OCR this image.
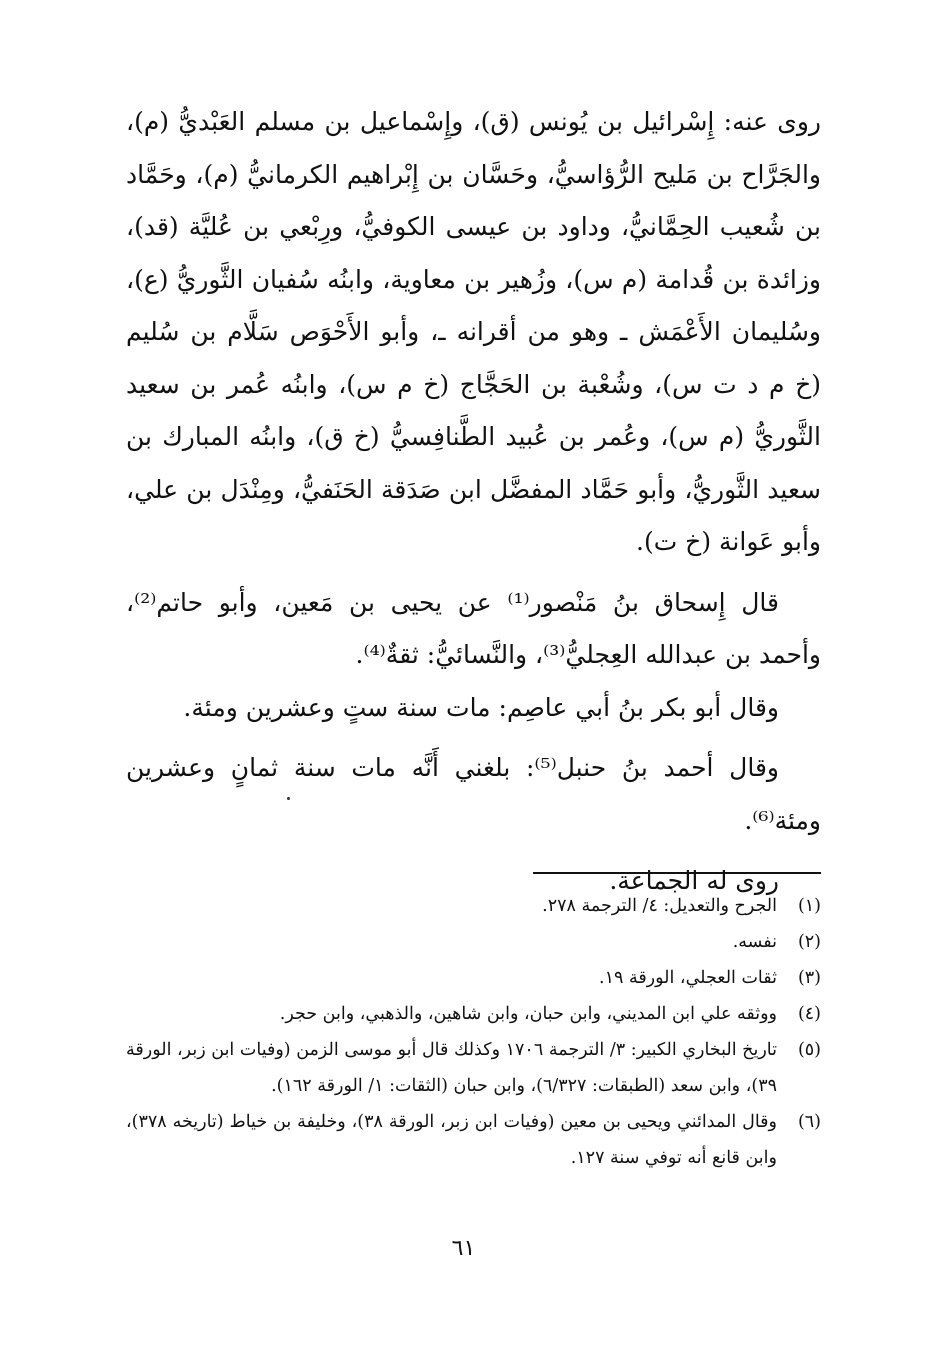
روى عنه: إِسْرائيل بن يُونس (ق)، وإِسْماعيل بن مسلم العَبْديُّ (م)، والجَرَّاح بن مَليح الرُّؤاسيُّ، وحَسَّان بن إِبْراهيم الكرمانيُّ (م)، وحَمَّاد بن شُعيب الحِمَّانيُّ، وداود بن عيسى الكوفيُّ، ورِبْعي بن عُليَّة (قد)، وزائدة بن قُدامة (م س)، وزُهير بن معاوية، وابنُه سُفيان الثَّوريُّ (ع)، وسُليمان الأَعْمَش ـ وهو من أقرانه ـ، وأبو الأَحْوَص سَلَّام بن سُليم (خ م د ت س)، وشُعْبة بن الحَجَّاج (خ م س)، وابنُه عُمر بن سعيد الثَّوريُّ (م س)، وعُمر بن عُبيد الطَّنافِسيُّ (خ ق)، وابنُه المبارك بن سعيد الثَّوريُّ، وأبو حَمَّاد المفضَّل ابن صَدَقة الحَنَفيُّ، ومِنْدَل بن علي، وأبو عَوانة (خ ت).

قال إِسحاق بنُ مَنْصور⁽¹⁾ عن يحيى بن مَعين، وأبو حاتم⁽²⁾، وأحمد بن عبدالله العِجليُّ⁽³⁾، والنَّسائيُّ: ثقةٌ⁽⁴⁾.

وقال أبو بكر بنُ أبي عاصِم: مات سنة ستٍ وعشرين ومئة.

وقال أحمد بنُ حنبل⁽⁵⁾: بلغني أَنَّه مات سنة ثمانٍ وعشرين ومئة⁽⁶⁾.

روى له الجماعة.

(١)
الجرح والتعديل: ٤/ الترجمة ٢٧٨.
(٢)
نفسه.
(٣)
ثقات العجلي، الورقة ١٩.
(٤)
ووثقه علي ابن المديني، وابن حبان، وابن شاهين، والذهبي، وابن حجر.
(٥)
تاريخ البخاري الكبير: ٣/ الترجمة ١٧٠٦ وكذلك قال أبو موسى الزمن (وفيات ابن زبر، الورقة ٣٩)، وابن سعد (الطبقات: ٦/٣٢٧)، وابن حبان (الثقات: ١/ الورقة ١٦٢).
(٦)
وقال المدائني ويحيى بن معين (وفيات ابن زبر، الورقة ٣٨)، وخليفة بن خياط (تاريخه ٣٧٨)، وابن قانع أنه توفي سنة ١٢٧.
٦١
